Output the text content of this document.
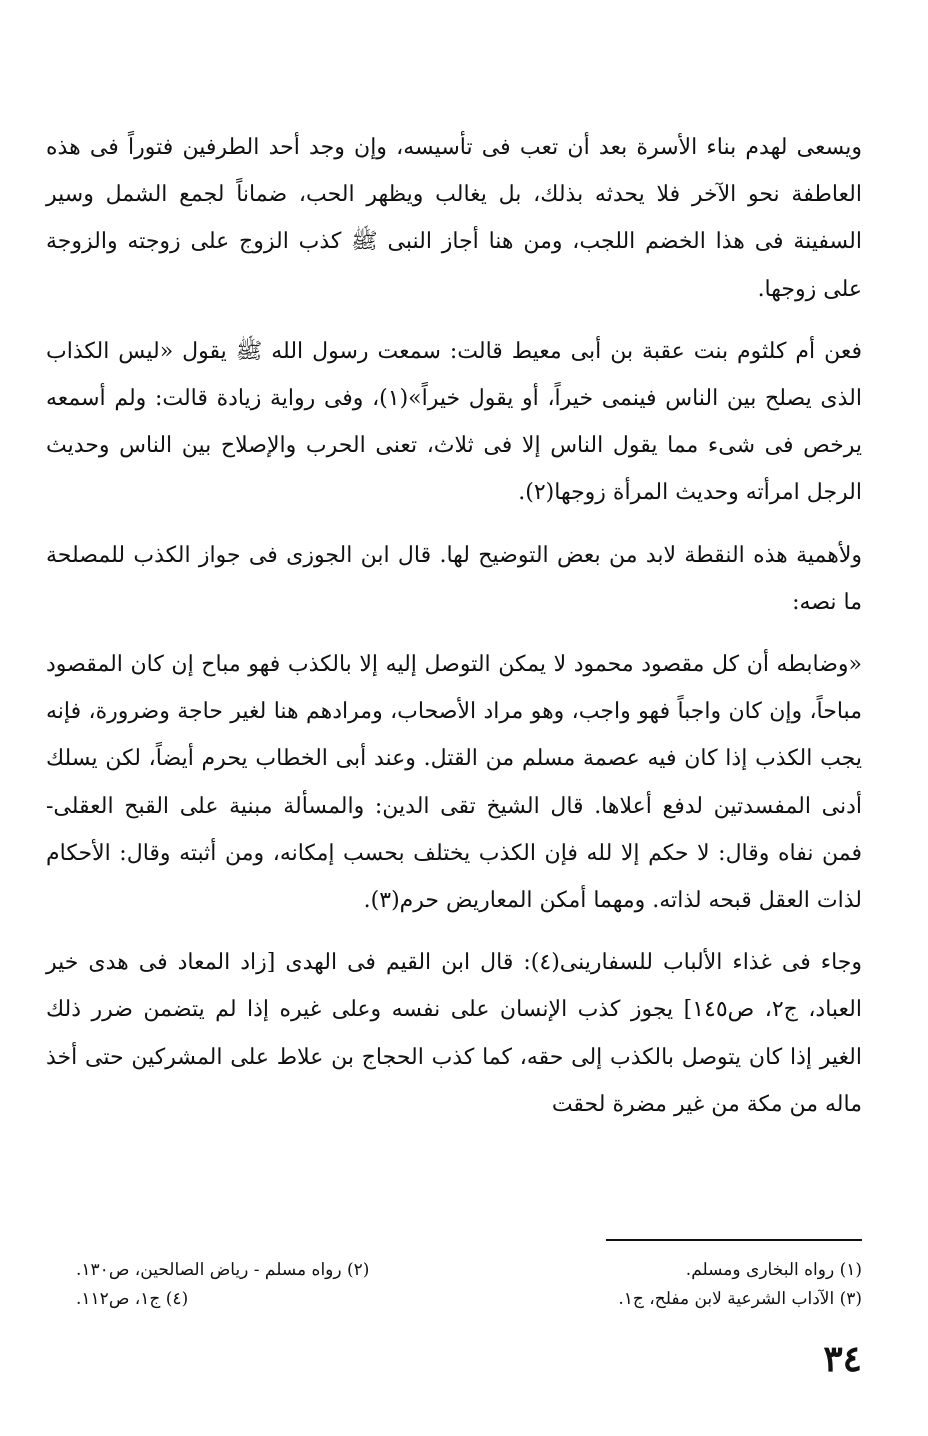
ويسعى لهدم بناء الأسرة بعد أن تعب فى تأسيسه، وإن وجد أحد الطرفين فتوراً فى هذه العاطفة نحو الآخر فلا يحدثه بذلك، بل يغالب ويظهر الحب، ضماناً لجمع الشمل وسير السفينة فى هذا الخضم اللجب، ومن هنا أجاز النبى ﷺ كذب الزوج على زوجته والزوجة على زوجها.

فعن أم كلثوم بنت عقبة بن أبى معيط قالت: سمعت رسول الله ﷺ يقول «ليس الكذاب الذى يصلح بين الناس فينمى خيراً، أو يقول خيراً»(١)، وفى رواية زيادة قالت: ولم أسمعه يرخص فى شىء مما يقول الناس إلا فى ثلاث، تعنى الحرب والإصلاح بين الناس وحديث الرجل امرأته وحديث المرأة زوجها(٢).

ولأهمية هذه النقطة لابد من بعض التوضيح لها. قال ابن الجوزى فى جواز الكذب للمصلحة ما نصه:

«وضابطه أن كل مقصود محمود لا يمكن التوصل إليه إلا بالكذب فهو مباح إن كان المقصود مباحاً، وإن كان واجباً فهو واجب، وهو مراد الأصحاب، ومرادهم هنا لغير حاجة وضرورة، فإنه يجب الكذب إذا كان فيه عصمة مسلم من القتل. وعند أبى الخطاب يحرم أيضاً، لكن يسلك أدنى المفسدتين لدفع أعلاها. قال الشيخ تقى الدين: والمسألة مبنية على القبح العقلى- فمن نفاه وقال: لا حكم إلا لله فإن الكذب يختلف بحسب إمكانه، ومن أثبته وقال: الأحكام لذات العقل قبحه لذاته. ومهما أمكن المعاريض حرم(٣).

وجاء فى غذاء الألباب للسفارينى(٤): قال ابن القيم فى الهدى [زاد المعاد فى هدى خير العباد، ج٢، ص١٤٥] يجوز كذب الإنسان على نفسه وعلى غيره إذا لم يتضمن ضرر ذلك الغير إذا كان يتوصل بالكذب إلى حقه، كما كذب الحجاج بن علاط على المشركين حتى أخذ ماله من مكة من غير مضرة لحقت

(١) رواه البخارى ومسلم.
(٢) رواه مسلم - رياض الصالحين، ص١٣٠.
(٣) الآداب الشرعية لابن مفلح، ج١.
(٤) ج١، ص١١٢.
٣٤
